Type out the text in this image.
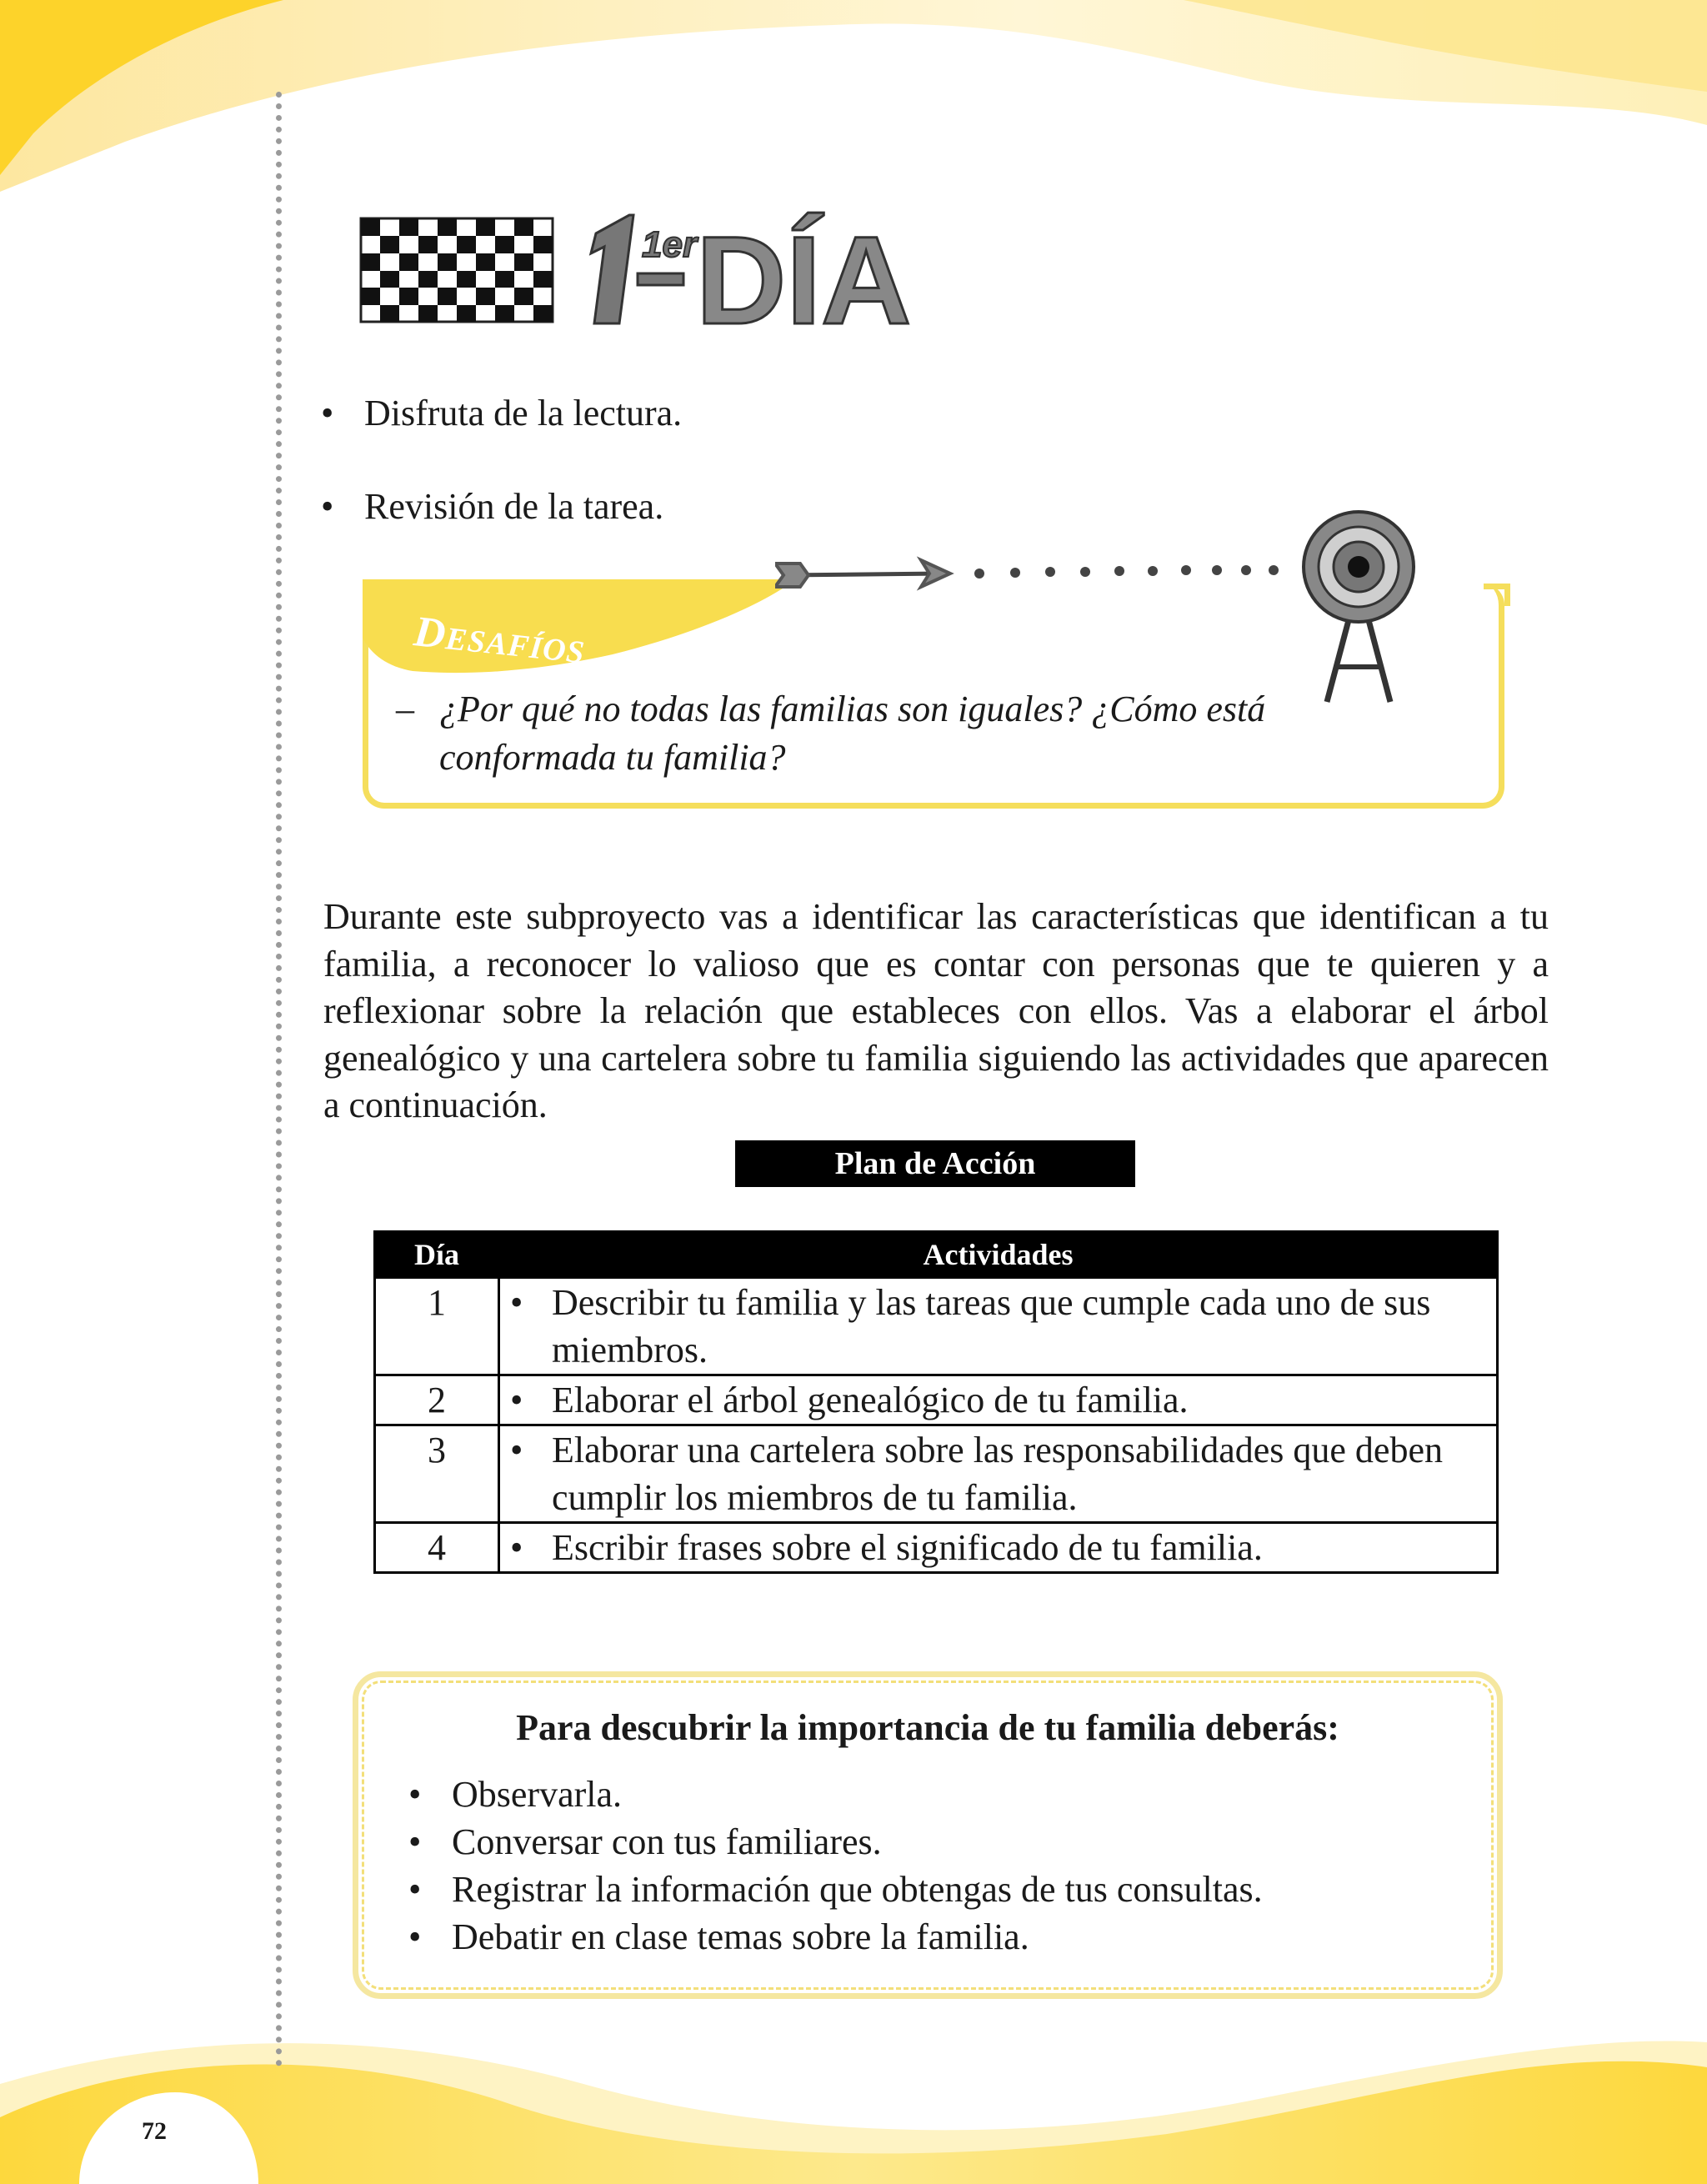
1er
DÍA
• Disfruta de la lectura.
• Revisión de la tarea.
DESAFÍOS
– ¿Por qué no todas las familias son iguales? ¿Cómo está conformada tu familia?

Durante este subproyecto vas a identificar las características que identifican a tu familia, a reconocer lo valioso que es contar con personas que te quieren y a reflexionar sobre la relación que estableces con ellos. Vas a elaborar el árbol genealógico y una cartelera sobre tu familia siguiendo las actividades que aparecen a continuación.

Plan de Acción
Día	Actividades
1	• Describir tu familia y las tareas que cumple cada uno de sus miembros.

2	• Elaborar el árbol genealógico de tu familia.

3	• Elaborar una cartelera sobre las responsabilidades que deben cumplir los miembros de tu familia.

4	• Escribir frases sobre el significado de tu familia.
Para descubrir la importancia de tu familia deberás:
• Observarla.
• Conversar con tus familiares.
• Registrar la información que obtengas de tus consultas.
• Debatir en clase temas sobre la familia.
72
